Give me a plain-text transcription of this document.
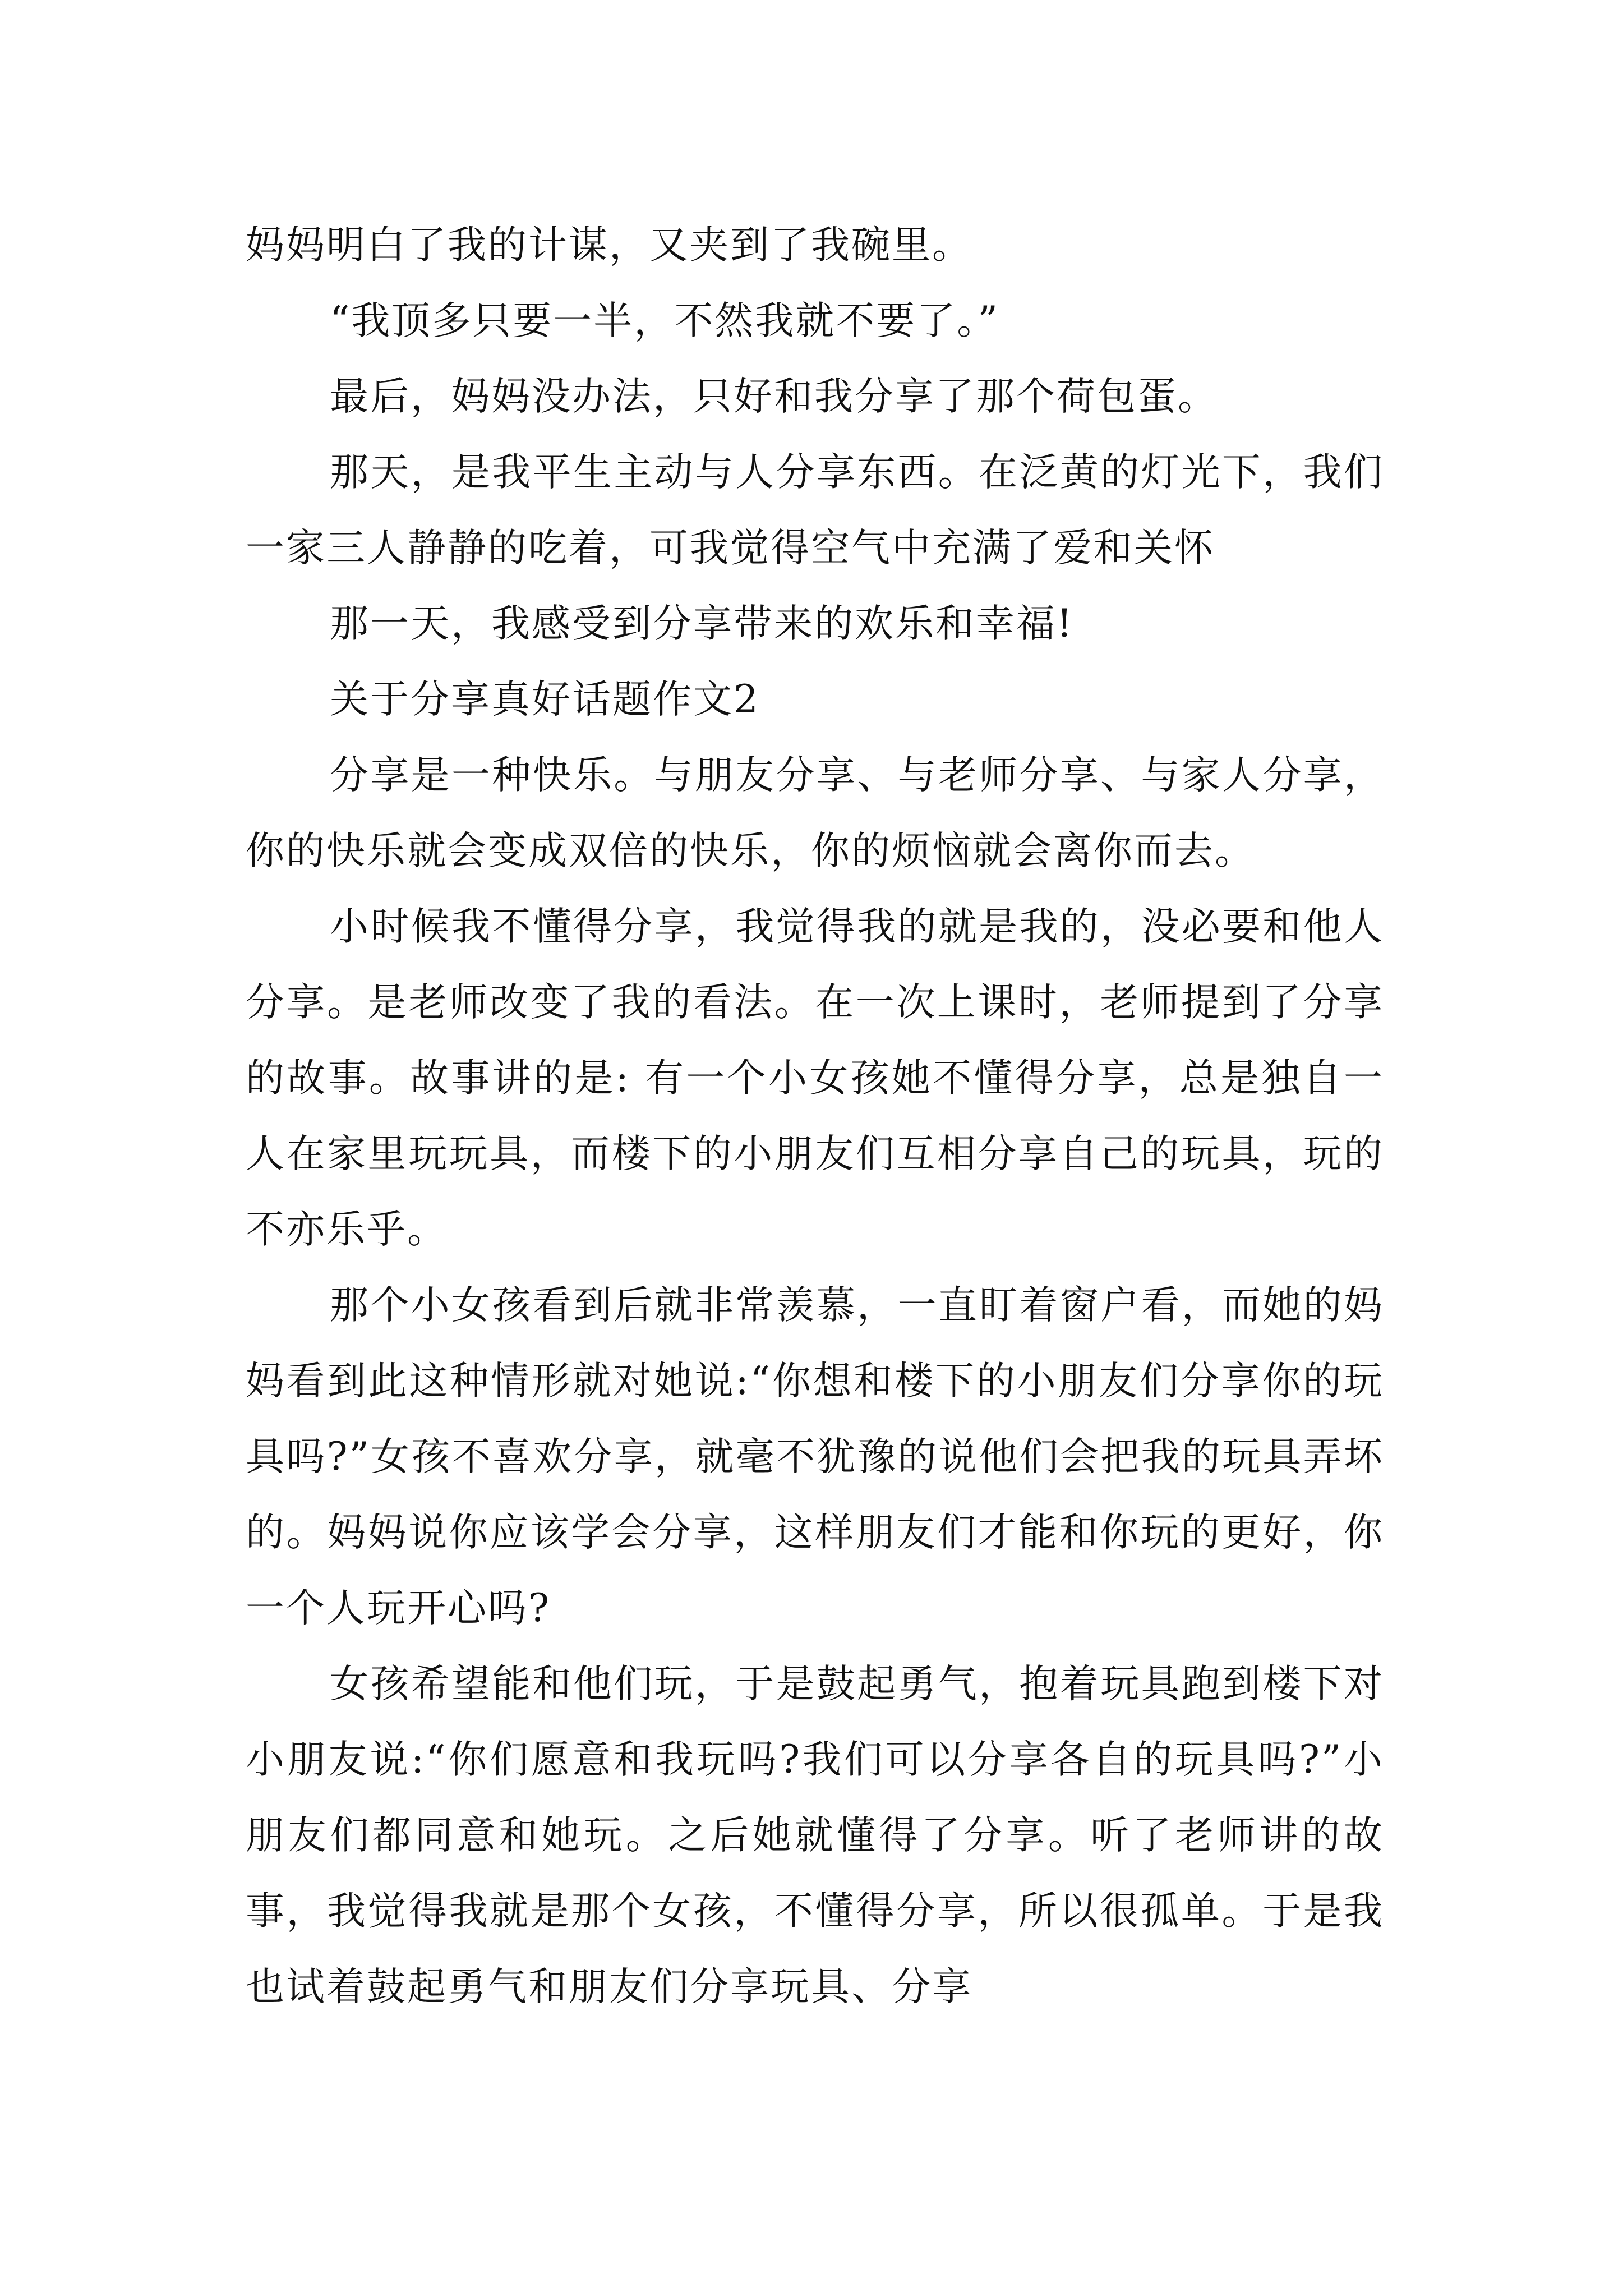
妈妈明白了我的计谋，又夹到了我碗里。

“我顶多只要一半，不然我就不要了。”

最后，妈妈没办法，只好和我分享了那个荷包蛋。

那天，是我平生主动与人分享东西。在泛黄的灯光下，我们一家三人静静的吃着，可我觉得空气中充满了爱和关怀

那一天，我感受到分享带来的欢乐和幸福!

关于分享真好话题作文2

分享是一种快乐。与朋友分享、与老师分享、与家人分享，你的快乐就会变成双倍的快乐，你的烦恼就会离你而去。

小时候我不懂得分享，我觉得我的就是我的，没必要和他人分享。是老师改变了我的看法。在一次上课时，老师提到了分享的故事。故事讲的是: 有一个小女孩她不懂得分享，总是独自一人在家里玩玩具，而楼下的小朋友们互相分享自己的玩具，玩的不亦乐乎。

那个小女孩看到后就非常羡慕，一直盯着窗户看，而她的妈妈看到此这种情形就对她说:“你想和楼下的小朋友们分享你的玩具吗?”女孩不喜欢分享，就毫不犹豫的说他们会把我的玩具弄坏的。妈妈说你应该学会分享，这样朋友们才能和你玩的更好，你一个人玩开心吗?

女孩希望能和他们玩，于是鼓起勇气，抱着玩具跑到楼下对小朋友说:“你们愿意和我玩吗?我们可以分享各自的玩具吗?”小朋友们都同意和她玩。之后她就懂得了分享。听了老师讲的故事，我觉得我就是那个女孩，不懂得分享，所以很孤单。于是我也试着鼓起勇气和朋友们分享玩具、分享
